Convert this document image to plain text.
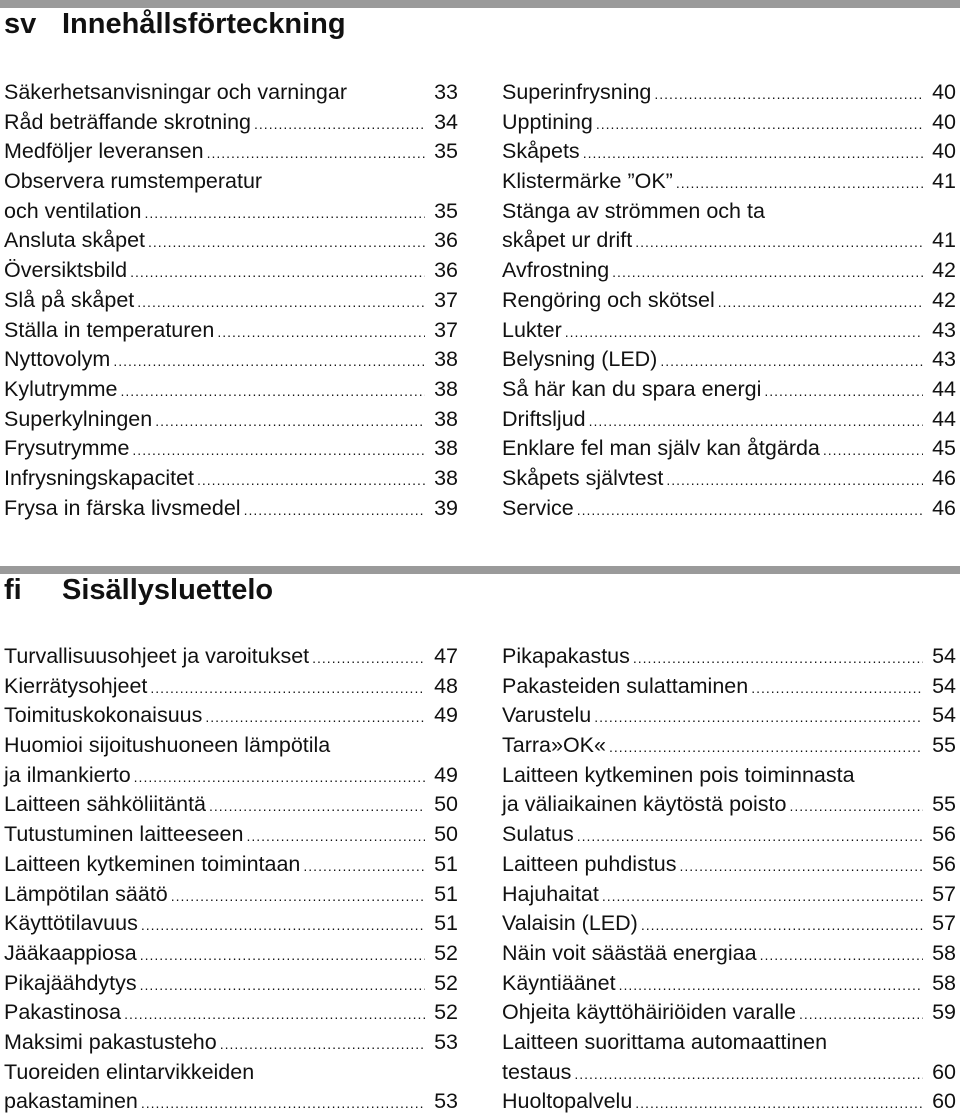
sv Innehållsförteckning
Säkerhetsanvisningar och varningar	33
Råd beträffande skrotning .....	34
Medföljer leveransen .....	35
Observera rumstemperatur
och ventilation .....	35
Ansluta skåpet .....	36
Översiktsbild .....	36
Slå på skåpet .....	37
Ställa in temperaturen .....	37
Nyttovolym .....	38
Kylutrymme .....	38
Superkylningen .....	38
Frysutrymme .....	38
Infrysningskapacitet .....	38
Frysa in färska livsmedel .....	39
Superinfrysning .....	40
Upptining .....	40
Skåpets .....	40
Klistermärke ”OK” .....	41
Stänga av strömmen och ta
skåpet ur drift .....	41
Avfrostning .....	42
Rengöring och skötsel .....	42
Lukter .....	43
Belysning (LED) .....	43
Så här kan du spara energi .....	44
Driftsljud .....	44
Enklare fel man själv kan åtgärda .....	45
Skåpets självtest .....	46
Service .....	46
fi	Sisällysluettelo
Turvallisuusohjeet ja varoitukset .....	47
Kierrätysohjeet .....	48
Toimituskokonaisuus .....	49
Huomioi sijoitushuoneen lämpötila
ja ilmankierto .....	49
Laitteen sähköliitäntä .....	50
Tutustuminen laitteeseen .....	50
Laitteen kytkeminen toimintaan .....	51
Lämpötilan säätö .....	51
Käyttötilavuus .....	51
Jääkaappiosa .....	52
Pikajäähdytys .....	52
Pakastinosa .....	52
Maksimi pakastusteho .....	53
Tuoreiden elintarvikkeiden
pakastaminen .....	53
Pikapakastus .....	54
Pakasteiden sulattaminen .....	54
Varustelu .....	54
Tarra»OK« .....	55
Laitteen kytkeminen pois toiminnasta
ja väliaikainen käytöstä poisto .....	55
Sulatus .....	56
Laitteen puhdistus .....	56
Hajuhaitat .....	57
Valaisin (LED) .....	57
Näin voit säästää energiaa .....	58
Käyntiäänet .....	58
Ohjeita käyttöhäiriöiden varalle .....	59
Laitteen suorittama automaattinen
testaus .....	60
Huoltopalvelu .....	60
